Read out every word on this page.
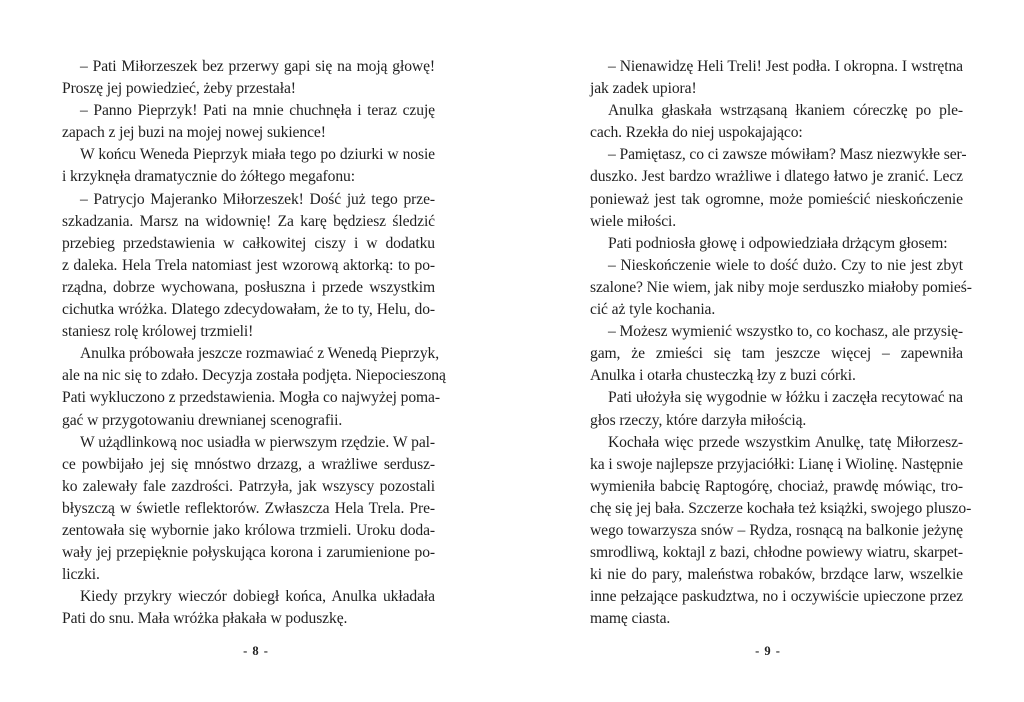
– Pati Miłorzeszek bez przerwy gapi się na moją głowę!
Proszę jej powiedzieć, żeby przestała!
– Panno Pieprzyk! Pati na mnie chuchnęła i teraz czuję
zapach z jej buzi na mojej nowej sukience!
W końcu Weneda Pieprzyk miała tego po dziurki w nosie
i krzyknęła dramatycznie do żółtego megafonu:
– Patrycjo Majeranko Miłorzeszek! Dość już tego prze-
szkadzania. Marsz na widownię! Za karę będziesz śledzić
przebieg przedstawienia w całkowitej ciszy i w dodatku
z daleka. Hela Trela natomiast jest wzorową aktorką: to po-
rządna, dobrze wychowana, posłuszna i przede wszystkim
cichutka wróżka. Dlatego zdecydowałam, że to ty, Helu, do-
staniesz rolę królowej trzmieli!
Anulka próbowała jeszcze rozmawiać z Wenedą Pieprzyk,
ale na nic się to zdało. Decyzja została podjęta. Niepocieszoną
Pati wykluczono z przedstawienia. Mogła co najwyżej poma-
gać w przygotowaniu drewnianej scenografii.
W użądlinkową noc usiadła w pierwszym rzędzie. W pal-
ce powbijało jej się mnóstwo drzazg, a wrażliwe serdusz-
ko zalewały fale zazdrości. Patrzyła, jak wszyscy pozostali
błyszczą w świetle reflektorów. Zwłaszcza Hela Trela. Pre-
zentowała się wybornie jako królowa trzmieli. Uroku doda-
wały jej przepięknie połyskująca korona i zarumienione po-
liczki.
Kiedy przykry wieczór dobiegł końca, Anulka układała
Pati do snu. Mała wróżka płakała w poduszkę.
- 8 -
– Nienawidzę Heli Treli! Jest podła. I okropna. I wstrętna
jak zadek upiora!
Anulka głaskała wstrząsaną łkaniem córeczkę po ple-
cach. Rzekła do niej uspokajająco:
– Pamiętasz, co ci zawsze mówiłam? Masz niezwykłe ser-
duszko. Jest bardzo wrażliwe i dlatego łatwo je zranić. Lecz
ponieważ jest tak ogromne, może pomieścić nieskończenie
wiele miłości.
Pati podniosła głowę i odpowiedziała drżącym głosem:
– Nieskończenie wiele to dość dużo. Czy to nie jest zbyt
szalone? Nie wiem, jak niby moje serduszko miałoby pomieś-
cić aż tyle kochania.
– Możesz wymienić wszystko to, co kochasz, ale przysię-
gam, że zmieści się tam jeszcze więcej – zapewniła
Anulka i otarła chusteczką łzy z buzi córki.
Pati ułożyła się wygodnie w łóżku i zaczęła recytować na
głos rzeczy, które darzyła miłością.
Kochała więc przede wszystkim Anulkę, tatę Miłorzesz-
ka i swoje najlepsze przyjaciółki: Lianę i Wiolinę. Następnie
wymieniła babcię Raptogórę, chociaż, prawdę mówiąc, tro-
chę się jej bała. Szczerze kochała też książki, swojego pluszo-
wego towarzysza snów – Rydza, rosnącą na balkonie jeżynę
smrodliwą, koktajl z bazi, chłodne powiewy wiatru, skarpet-
ki nie do pary, maleństwa robaków, brzdące larw, wszelkie
inne pełzające paskudztwa, no i oczywiście upieczone przez
mamę ciasta.
- 9 -
